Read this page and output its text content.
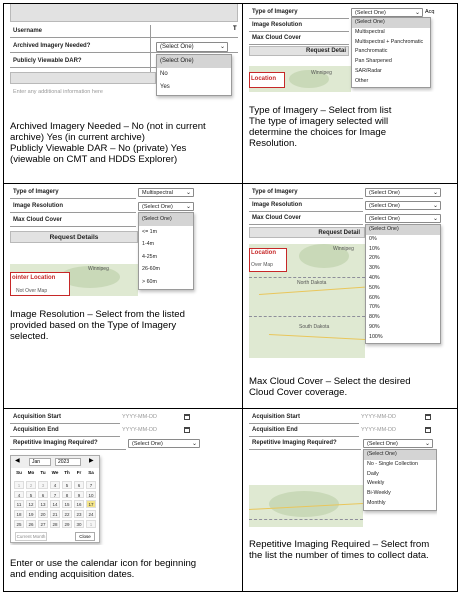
Username
Archived Imagery Needed?	(Select One)	⌄
Publicly Viewable DAR?
Enter any additional information here
T
(Select One)
No
Yes
Archived Imagery Needed – No (not in current
archive) Yes (in current archive)
Publicly Viewable DAR – No (private) Yes
(viewable on CMT and HDDS Explorer)
Type of Imagery	(Select One)	⌄ Acq
Image Resolution
Max Cloud Cover
Request Detai
Winnipeg
Location
(Select One)
Multispectral
Multispectral + Panchromatic
Panchromatic
Pan Sharpened
SAR/Radar
Other
Type of Imagery – Select from list
The type of imagery selected will
determine the choices for Image
Resolution.
Type of Imagery	Multispectral ⌄
Image Resolution	(Select One) ⌄
Max Cloud Cover
Request Details
Winnipeg
ointer Location
Not Over Map
(Select One)
<= 1m
1-4m
4-25m
26-60m
> 60m
Image Resolution – Select from the listed
provided based on the Type of Imagery
selected.
Type of Imagery	(Select One)	⌄
Image Resolution	(Select One)	⌄
Max Cloud Cover	(Select One)	⌄
Request Detail
Winnipeg
North Dakota
South Dakota
Location
Over Map
(Select One)
0%
10%
20%
30%
40%
50%
60%
70%
80%
90%
100%
Max Cloud Cover – Select the desired
Cloud Cover coverage.
Acquisition Start	YYYY-MM-DD
Acquisition End	YYYY-MM-DD
Repetitive Imaging Required?	(Select One)	⌄
◀	Jan	2023	▶
Su	Mo	Tu	We	Th	Fr	Sa
1	2	3	4	5	6	7
4	5	6	7	8	9	10
11	12	13	14	15	16	17
18	19	20	21	22	23	24
25	26	27	28	29	30	1
Current Month	Close
Enter or use the calendar icon for beginning
and ending acquisition dates.
Acquisition Start	YYYY-MM-DD
Acquisition End	YYYY-MM-DD
Repetitive Imaging Required?	(Select One)	⌄
(Select One)
No - Single Collection
Daily
Weekly
Bi-Weekly
Monthly
Repetitive Imaging Required – Select from
the list the number of times to collect data.
